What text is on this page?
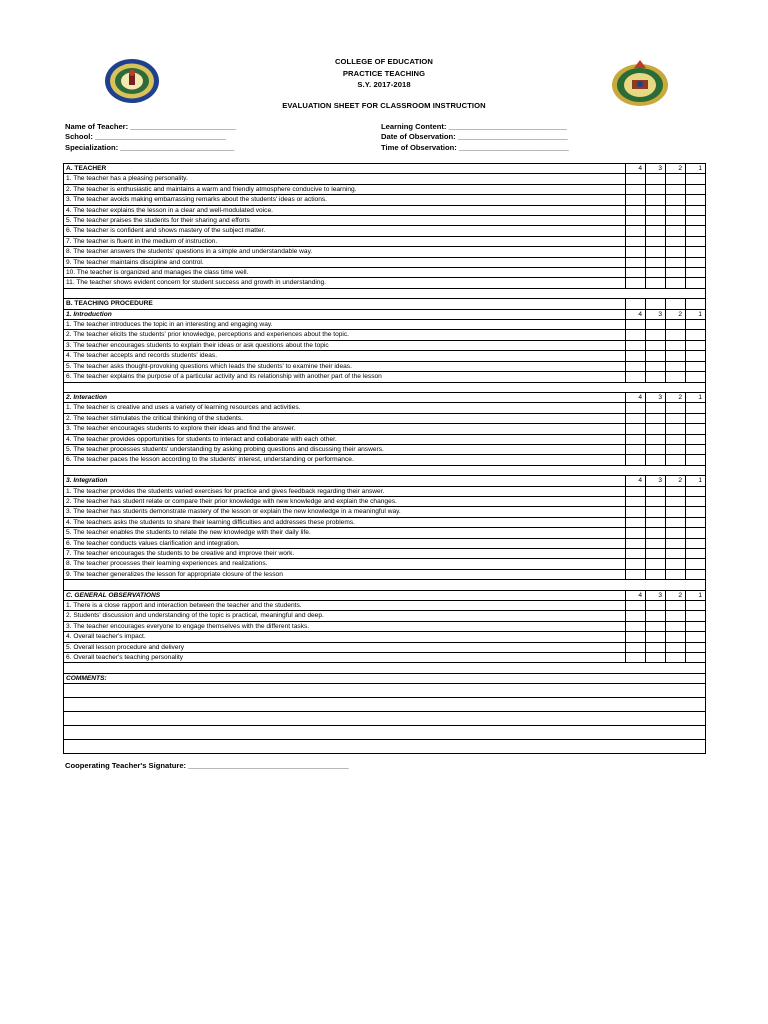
COLLEGE OF EDUCATION
PRACTICE TEACHING
S.Y. 2017-2018
EVALUATION SHEET FOR CLASSROOM INSTRUCTION
Name of Teacher: _________________________
School: _______________________________
Specialization: ___________________________
Learning Content: ____________________________
Date of Observation: __________________________
Time of Observation: __________________________
A. TEACHER	4	3	2	1
1. The teacher has a pleasing personality.				
2. The teacher is enthusiastic and maintains a warm and friendly atmosphere conducive to learning.				
3. The teacher avoids making embarrassing remarks about the students' ideas or actions.				
4. The teacher explains the lesson in a clear and well-modulated voice.				
5. The teacher praises the students for their sharing and efforts				
6. The teacher is confident and shows mastery of the subject matter.				
7. The teacher is fluent in the medium of instruction.				
8. The teacher answers the students' questions in a simple and understandable way.				
9. The teacher maintains discipline and control.				
10. The teacher is organized and manages the class time well.				
11. The teacher shows evident concern for student success and growth in understanding.				

B. TEACHING PROCEDURE				
1. Introduction	4	3	2	1
1. The teacher introduces the topic in an interesting and engaging way.				
2. The teacher elicits the students' prior knowledge, perceptions and experiences about the topic.				
3. The teacher encourages students to explain their ideas or ask questions about the topic				
4. The teacher accepts and records students' ideas.				
5. The teacher asks thought-provoking questions which leads the students' to examine their ideas.				
6. The teacher explains the purpose of a particular activity and its relationship with another part of the lesson				

2. Interaction	4	3	2	1
1. The teacher is creative and uses a variety of learning resources and activities.				
2. The teacher stimulates the critical thinking of the students.				
3. The teacher encourages students to explore their ideas and find the answer.				
4. The teacher provides opportunities for students to interact and collaborate with each other.				
5. The teacher processes students' understanding by asking probing questions and discussing their answers.				
6. The teacher paces the lesson according to the students' interest, understanding or performance.				

3. Integration	4	3	2	1
1. The teacher provides the students varied exercises for practice and gives feedback regarding their answer.				
2. The teacher has student relate or compare their prior knowledge with new knowledge and explain the changes.				
3. The teacher has students demonstrate mastery of the lesson or explain the new knowledge in a meaningful way.				
4. The teachers asks the students to share their learning difficulties and addresses these problems.				
5. The teacher enables the students to relate the new knowledge with their daily life.				
6. The teacher conducts values clarification and integration.				
7. The teacher encourages the students to be creative and improve their work.				
8. The teacher processes their learning experiences and realizations.				
9. The teacher generalizes the lesson for appropriate closure of the lesson				

C. GENERAL OBSERVATIONS	4	3	2	1
1. There is a close rapport and interaction between the teacher and the students.				
2. Students' discussion and understanding of the topic is practical, meaningful and deep.				
3. The teacher encourages everyone to engage themselves with the different tasks.				
4. Overall teacher's impact.				
5. Overall lesson procedure and delivery				
6. Overall teacher's teaching personality				

COMMENTS:				

Cooperating Teacher's Signature: ______________________________________
